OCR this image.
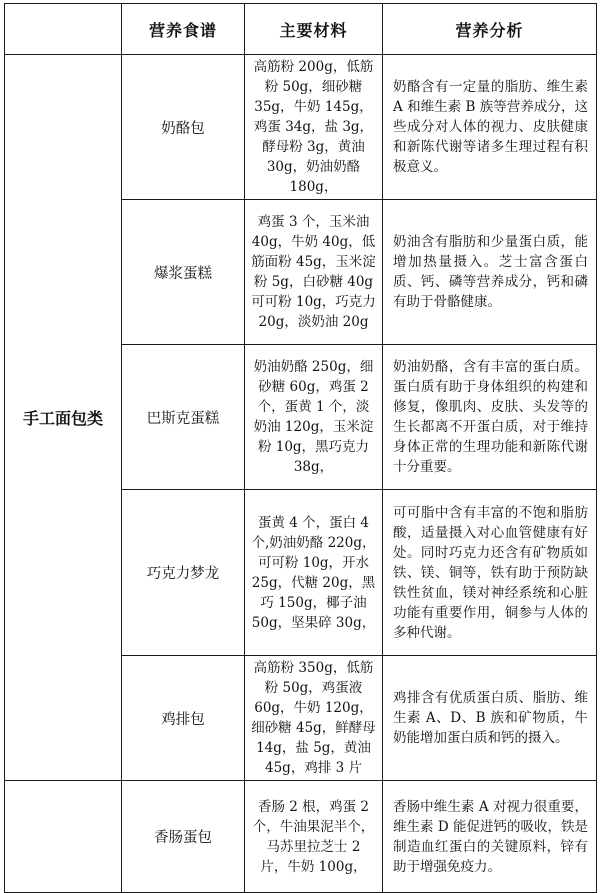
	营养食谱	主要材料	营养分析
手工面包类	奶酪包	高筋粉 200g，低筋粉 50g，细砂糖 35g，牛奶 145g，鸡蛋 34g，盐 3g，酵母粉 3g，黄油 30g，奶油奶酪 180g，	奶酪含有一定量的脂肪、维生素 A 和维生素 B 族等营养成分，这些成分对人体的视力、皮肤健康和新陈代谢等诸多生理过程有积极意义。
	爆浆蛋糕	鸡蛋 3 个，玉米油 40g，牛奶 40g，低筋面粉 45g，玉米淀粉 5g，白砂糖 40g 可可粉 10g，巧克力 20g，淡奶油 20g	奶油含有脂肪和少量蛋白质，能增加热量摄入。芝士富含蛋白质、钙、磷等营养成分，钙和磷有助于骨骼健康。
	巴斯克蛋糕	奶油奶酪 250g，细砂糖 60g，鸡蛋 2 个，蛋黄 1 个，淡奶油 120g，玉米淀粉 10g，黑巧克力 38g，	奶油奶酪，含有丰富的蛋白质。蛋白质有助于身体组织的构建和修复，像肌肉、皮肤、头发等的生长都离不开蛋白质，对于维持身体正常的生理功能和新陈代谢十分重要。
	巧克力梦龙	蛋黄 4 个，蛋白 4 个,奶油奶酪 220g，可可粉 10g，开水 25g，代糖 20g，黑巧 150g，椰子油 50g，坚果碎 30g，	可可脂中含有丰富的不饱和脂肪酸，适量摄入对心血管健康有好处。同时巧克力还含有矿物质如铁、镁、铜等，铁有助于预防缺铁性贫血，镁对神经系统和心脏功能有重要作用，铜参与人体的多种代谢。
	鸡排包	高筋粉 350g，低筋粉 50g，鸡蛋液 60g，牛奶 120g，细砂糖 45g，鲜酵母 14g，盐 5g，黄油 45g，鸡排 3 片	鸡排含有优质蛋白质、脂肪、维生素 A、D、B 族和矿物质，牛奶能增加蛋白质和钙的摄入。
	香肠蛋包	香肠 2 根，鸡蛋 2 个，牛油果泥半个，马苏里拉芝士 2 片，牛奶 100g，	香肠中维生素 A 对视力很重要，维生素 D 能促进钙的吸收，铁是制造血红蛋白的关键原料，锌有助于增强免疫力。
